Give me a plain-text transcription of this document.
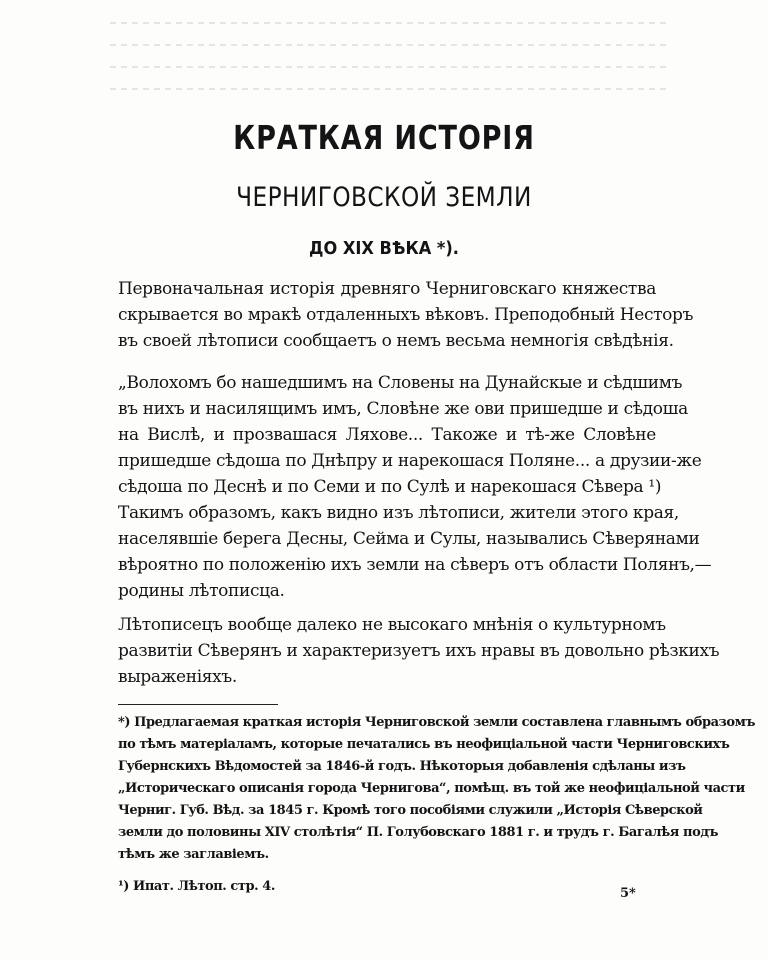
КРАТКАЯ ИСТОРІЯ
ЧЕРНИГОВСКОЙ ЗЕМЛИ
ДО XIX ВѢКА *).
Первоначальная исторія древняго Черниговскаго княжества
скрывается во мракѣ отдаленныхъ вѣковъ. Преподобный Несторъ
въ своей лѣтописи сообщаетъ о немъ весьма немногія свѣдѣнія.
„Волохомъ бо нашедшимъ на Словены на Дунайскые и сѣдшимъ
въ нихъ и насилящимъ имъ, Словѣне же ови пришедше и сѣдоша
на Вислѣ, и прозвашася Ляхове... Такоже и тѣ-же Словѣне
пришедше сѣдоша по Днѣпру и нарекошася Поляне... а друзии-же
сѣдоша по Деснѣ и по Семи и по Сулѣ и нарекошася Сѣвера ¹)
Такимъ образомъ, какъ видно изъ лѣтописи, жители этого края,
населявшіе берега Десны, Сейма и Сулы, назывались Сѣверянами
вѣроятно по положенію ихъ земли на сѣверъ отъ области Полянъ,—
родины лѣтописца.
Лѣтописецъ вообще далеко не высокаго мнѣнія о культурномъ
развитіи Сѣверянъ и характеризуетъ ихъ нравы въ довольно рѣзкихъ
выраженіяхъ.
*) Предлагаемая краткая исторія Черниговской земли составлена главнымъ образомъ
по тѣмъ матеріаламъ, которые печатались въ неофиціальной части Черниговскихъ
Губернскихъ Вѣдомостей за 1846-й годъ. Нѣкоторыя добавленія сдѣланы изъ
„Историческаго описанія города Чернигова“, помѣщ. въ той же неофиціальной части
Черниг. Губ. Вѣд. за 1845 г. Кромѣ того пособіями служили „Исторія Сѣверской
земли до половины XIV столѣтія“ П. Голубовскаго 1881 г. и трудъ г. Багалѣя подъ
тѣмъ же заглавіемъ.
¹) Ипат. Лѣтоп. стр. 4.	5*
